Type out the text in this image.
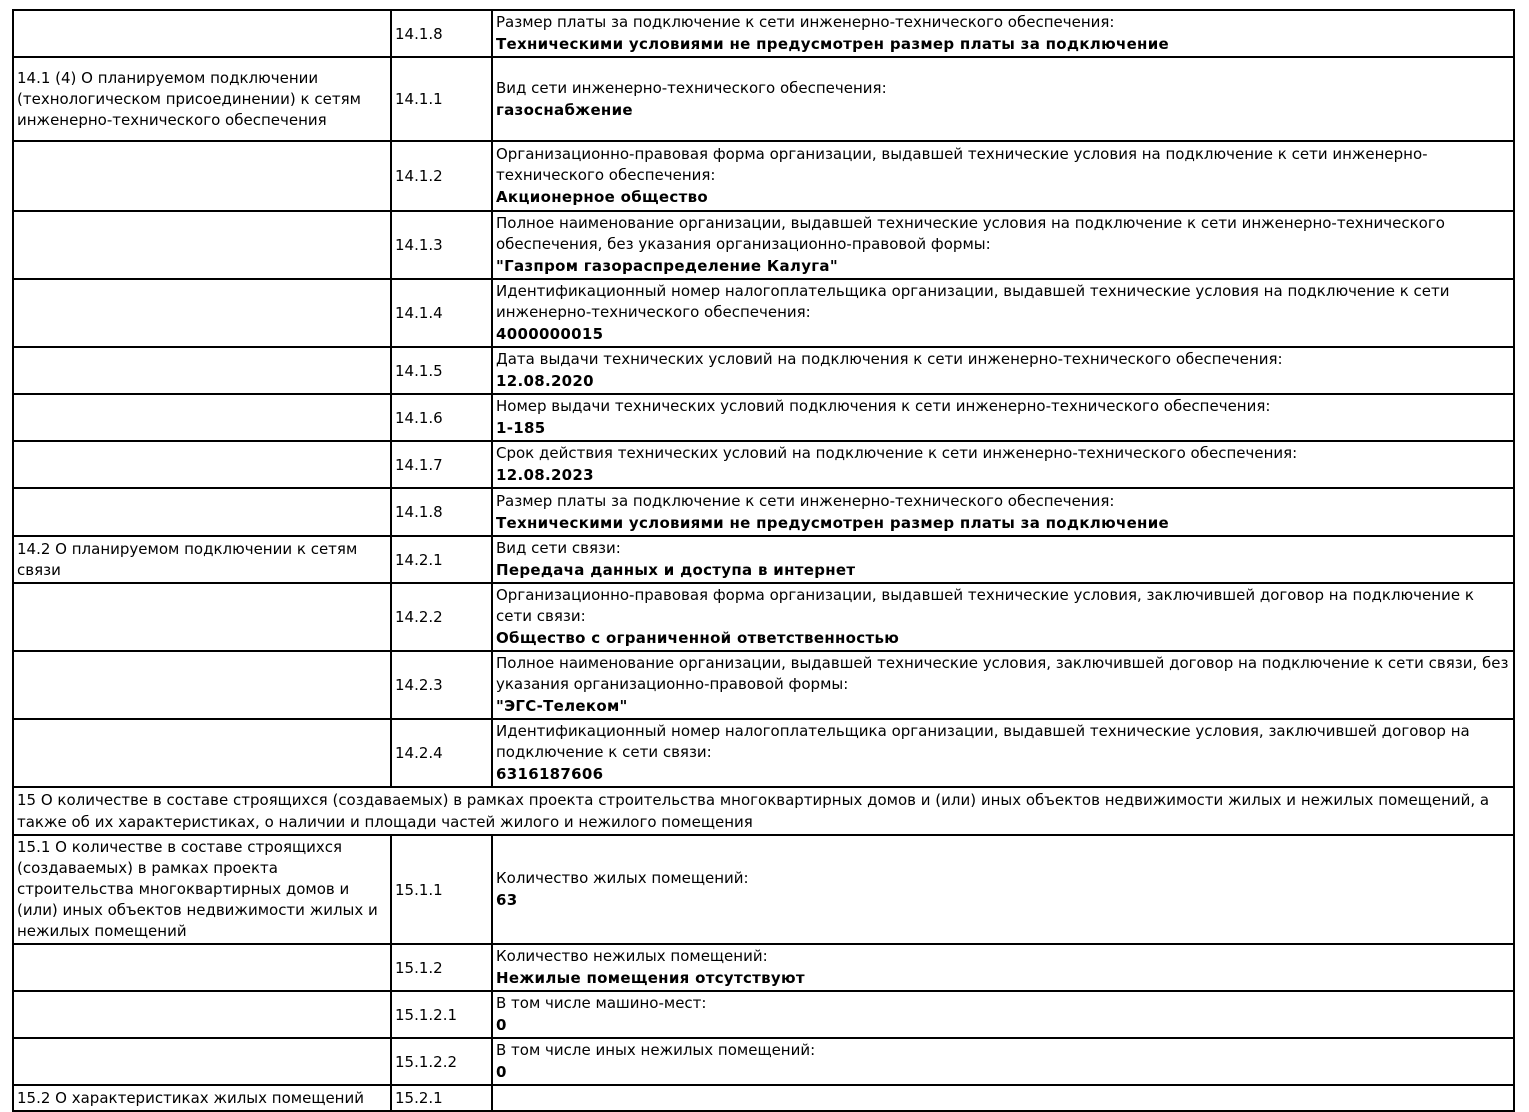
	14.1.8	Размер платы за подключение к сети инженерно-технического обеспечения:
Техническими условиями не предусмотрен размер платы за подключение

14.1 (4) О планируемом подключении (технологическом присоединении) к сетям инженерно-технического обеспечения	14.1.1	Вид сети инженерно-технического обеспечения:
газоснабжение

	14.1.2	Организационно-правовая форма организации, выдавшей технические условия на подключение к сети инженерно-технического обеспечения:
Акционерное общество

	14.1.3	Полное наименование организации, выдавшей технические условия на подключение к сети инженерно-технического обеспечения, без указания организационно-правовой формы:
"Газпром газораспределение Калуга"

	14.1.4	Идентификационный номер налогоплательщика организации, выдавшей технические условия на подключение к сети инженерно-технического обеспечения:
4000000015

	14.1.5	Дата выдачи технических условий на подключения к сети инженерно-технического обеспечения:
12.08.2020

	14.1.6	Номер выдачи технических условий подключения к сети инженерно-технического обеспечения:
1-185

	14.1.7	Срок действия технических условий на подключение к сети инженерно-технического обеспечения:
12.08.2023

	14.1.8	Размер платы за подключение к сети инженерно-технического обеспечения:
Техническими условиями не предусмотрен размер платы за подключение

14.2 О планируемом подключении к сетям связи	14.2.1	Вид сети связи:
Передача данных и доступа в интернет

	14.2.2	Организационно-правовая форма организации, выдавшей технические условия, заключившей договор на подключение к сети связи:
Общество с ограниченной ответственностью

	14.2.3	Полное наименование организации, выдавшей технические условия, заключившей договор на подключение к сети связи, без указания организационно-правовой формы:
"ЭГС-Телеком"

	14.2.4	Идентификационный номер налогоплательщика организации, выдавшей технические условия, заключившей договор на подключение к сети связи:
6316187606

15 О количестве в составе строящихся (создаваемых) в рамках проекта строительства многоквартирных домов и (или) иных объектов недвижимости жилых и нежилых помещений, а также об их характеристиках, о наличии и площади частей жилого и нежилого помещения		
15.1 О количестве в составе строящихся (создаваемых) в рамках проекта строительства многоквартирных домов и (или) иных объектов недвижимости жилых и нежилых помещений	15.1.1	Количество жилых помещений:
63

	15.1.2	Количество нежилых помещений:
Нежилые помещения отсутствуют

	15.1.2.1	В том числе машино-мест:
0

	15.1.2.2	В том числе иных нежилых помещений:
0

15.2 О характеристиках жилых помещений	15.2.1	
